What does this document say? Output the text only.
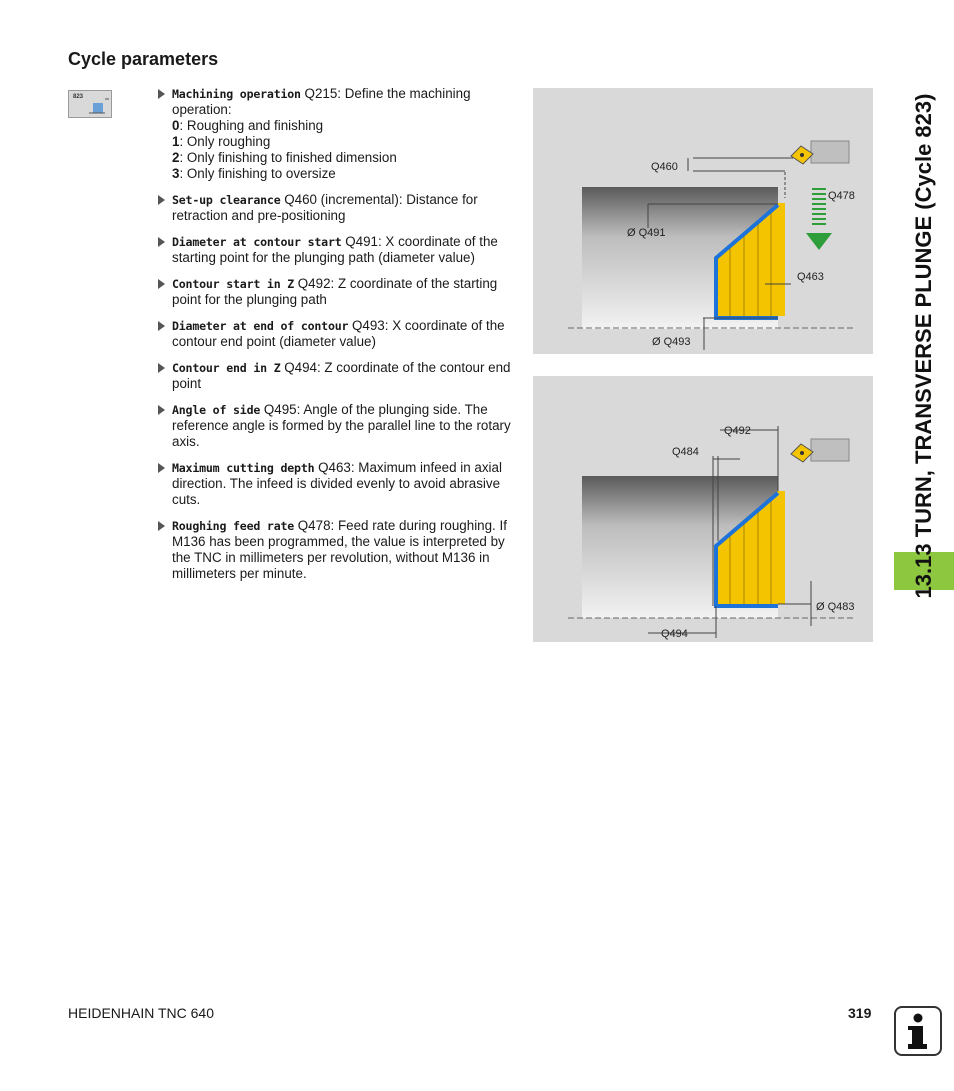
Cycle parameters
823	Machining operation Q215: Define the machining operation:
0: Roughing and finishing
1: Only roughing
2: Only finishing to finished dimension
3: Only finishing to oversize
Set-up clearance Q460 (incremental): Distance for retraction and pre-positioning
Diameter at contour start Q491: X coordinate of the starting point for the plunging path (diameter value)
Contour start in Z Q492: Z coordinate of the starting point for the plunging path
Diameter at end of contour Q493: X coordinate of the contour end point (diameter value)
Contour end in Z Q494: Z coordinate of the contour end point
Angle of side Q495: Angle of the plunging side. The reference angle is formed by the parallel line to the rotary axis.
Maximum cutting depth Q463: Maximum infeed in axial direction. The infeed is divided evenly to avoid abrasive cuts.
Roughing feed rate Q478: Feed rate during roughing. If M136 has been programmed, the value is interpreted by the TNC in millimeters per revolution, without M136 in millimeters per minute.
Q460
Q478
Ø Q491
Q463
Ø Q493
Q492
Q484
Ø Q483
Q494
13.13 TURN, TRANSVERSE PLUNGE (Cycle 823)
HEIDENHAIN TNC 640	319
